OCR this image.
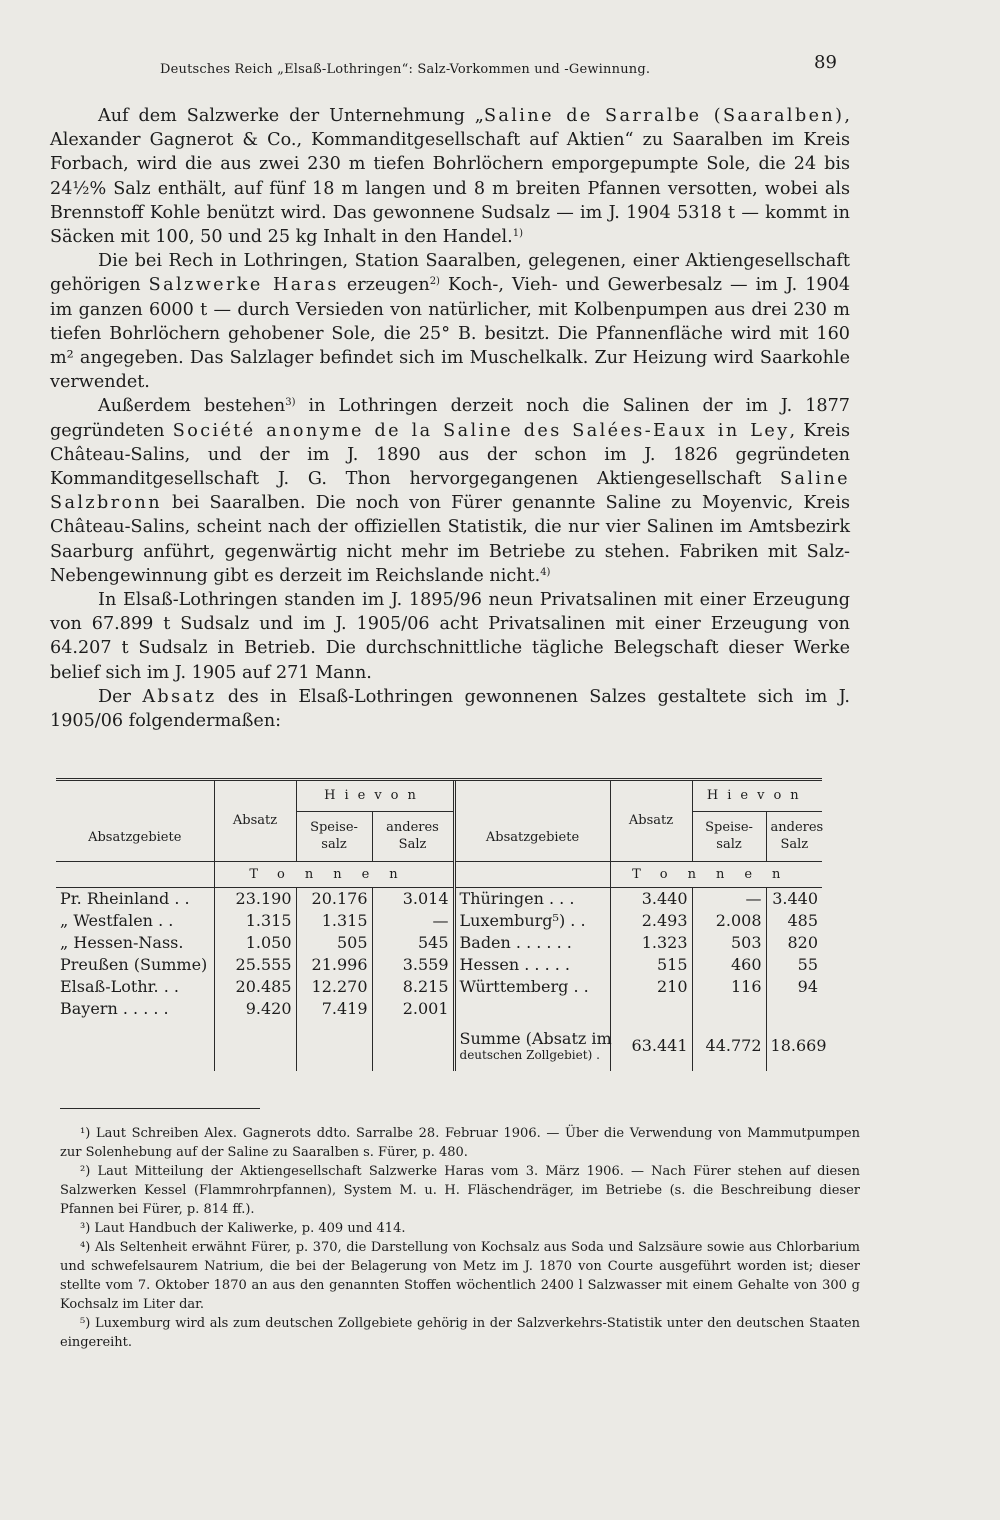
Deutsches Reich „Elsaß-Lothringen“: Salz-Vorkommen und -Gewinnung.	89

Auf dem Salzwerke der Unternehmung „Saline de Sarralbe (Saaralben), Alexander Gagnerot & Co., Kommanditgesellschaft auf Aktien“ zu Saaralben im Kreis Forbach, wird die aus zwei 230 m tiefen Bohrlöchern emporgepumpte Sole, die 24 bis 24½% Salz enthält, auf fünf 18 m langen und 8 m breiten Pfannen versotten, wobei als Brennstoff Kohle benützt wird. Das gewonnene Sudsalz — im J. 1904 5318 t — kommt in Säcken mit 100, 50 und 25 kg Inhalt in den Handel.$^{1)}$

Die bei Rech in Lothringen, Station Saaralben, gelegenen, einer Aktiengesellschaft gehörigen Salzwerke Haras erzeugen$^{2)}$ Koch-, Vieh- und Gewerbesalz — im J. 1904 im ganzen 6000 t — durch Versieden von natürlicher, mit Kolbenpumpen aus drei 230 m tiefen Bohrlöchern gehobener Sole, die 25° B. besitzt. Die Pfannenfläche wird mit 160 m² angegeben. Das Salzlager befindet sich im Muschelkalk. Zur Heizung wird Saarkohle verwendet.

Außerdem bestehen$^{3)}$ in Lothringen derzeit noch die Salinen der im J. 1877 gegründeten Société anonyme de la Saline des Salées-Eaux in Ley, Kreis Château-Salins, und der im J. 1890 aus der schon im J. 1826 gegründeten Kommanditgesellschaft J. G. Thon hervorgegangenen Aktiengesellschaft Saline Salzbronn bei Saaralben. Die noch von Fürer genannte Saline zu Moyenvic, Kreis Château-Salins, scheint nach der offiziellen Statistik, die nur vier Salinen im Amtsbezirk Saarburg anführt, gegenwärtig nicht mehr im Betriebe zu stehen. Fabriken mit Salz-Nebengewinnung gibt es derzeit im Reichslande nicht.$^{4)}$

In Elsaß-Lothringen standen im J. 1895/96 neun Privatsalinen mit einer Erzeugung von 67.899 t Sudsalz und im J. 1905/06 acht Privatsalinen mit einer Erzeugung von 64.207 t Sudsalz in Betrieb. Die durchschnittliche tägliche Belegschaft dieser Werke belief sich im J. 1905 auf 271 Mann.

Der Absatz des in Elsaß-Lothringen gewonnenen Salzes gestaltete sich im J. 1905/06 folgendermaßen:

Absatzgebiete	Absatz	Hievon		Absatzgebiete	Absatz	Hievon	
		Speise-salz	anderes Salz			Speise-salz	anderes Salz
	Tonnen				Tonnen		
Pr. Rheinland . .	23.190	20.176	3.014	Thüringen . . .	3.440	—	3.440
„ Westfalen . .	1.315	1.315	—	Luxemburg⁵) . .	2.493	2.008	485
„ Hessen-Nass.	1.050	505	545	Baden . . . . . .	1.323	503	820
Preußen (Summe)	25.555	21.996	3.559	Hessen . . . . .	515	460	55
Elsaß-Lothr. . .	20.485	12.270	8.215	Württemberg . .	210	116	94
Bayern . . . . .	9.420	7.419	2.001				

				Summe (Absatz im
deutschen Zollgebiet) .	63.441	44.772	18.669

¹) Laut Schreiben Alex. Gagnerots ddto. Sarralbe 28. Februar 1906. — Über die Verwendung von Mammutpumpen zur Solenhebung auf der Saline zu Saaralben s. Fürer, p. 480.

²) Laut Mitteilung der Aktiengesellschaft Salzwerke Haras vom 3. März 1906. — Nach Fürer stehen auf diesen Salzwerken Kessel (Flammrohrpfannen), System M. u. H. Fläschendräger, im Betriebe (s. die Beschreibung dieser Pfannen bei Fürer, p. 814 ff.).

³) Laut Handbuch der Kaliwerke, p. 409 und 414.

⁴) Als Seltenheit erwähnt Fürer, p. 370, die Darstellung von Kochsalz aus Soda und Salzsäure sowie aus Chlorbarium und schwefelsaurem Natrium, die bei der Belagerung von Metz im J. 1870 von Courte ausgeführt worden ist; dieser stellte vom 7. Oktober 1870 an aus den genannten Stoffen wöchentlich 2400 l Salzwasser mit einem Gehalte von 300 g Kochsalz im Liter dar.

⁵) Luxemburg wird als zum deutschen Zollgebiete gehörig in der Salzverkehrs-Statistik unter den deutschen Staaten eingereiht.
